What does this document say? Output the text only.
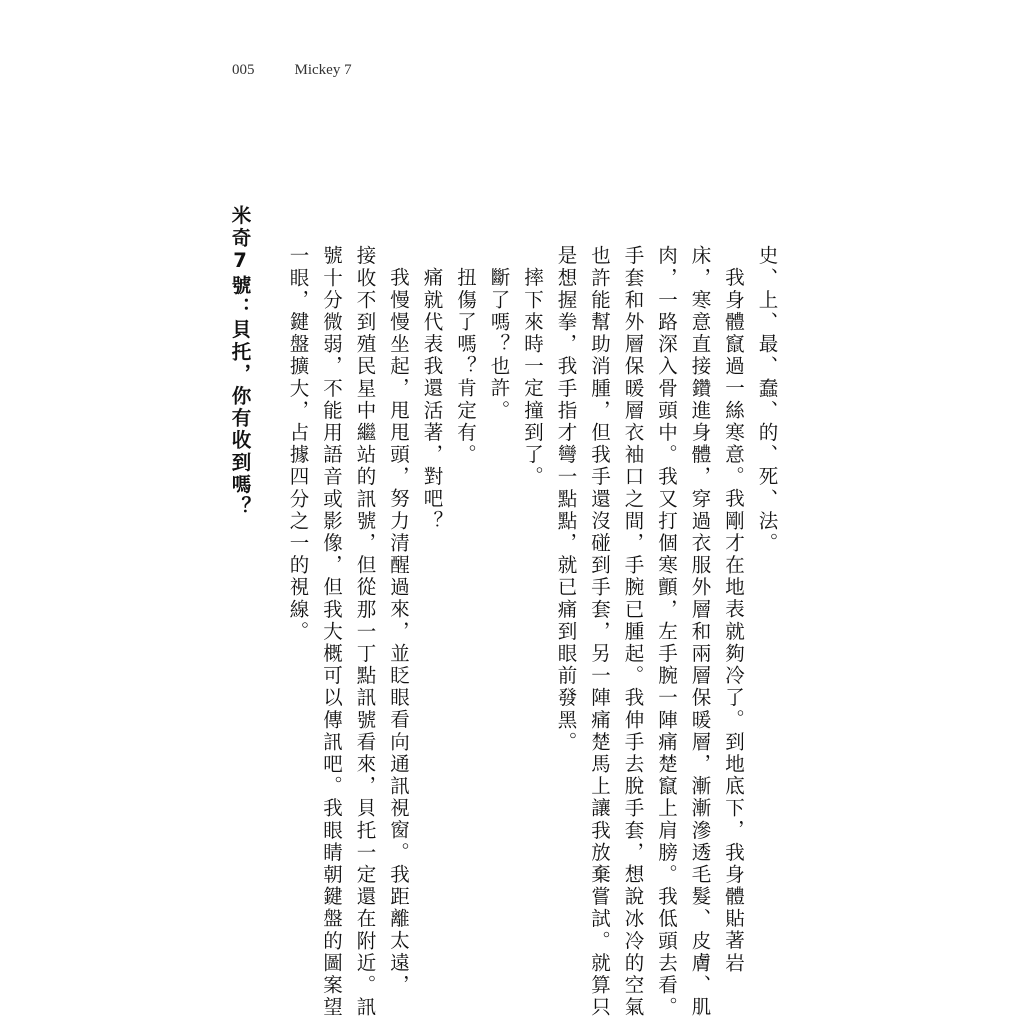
005	Mickey 7
史、上、最、蠢、的、死、法。
我身體竄過一絲寒意。我剛才在地表就夠冷了。到地底下，我身體貼著岩
床，寒意直接鑽進身體，穿過衣服外層和兩層保暖層，漸漸滲透毛髮、皮膚、肌
肉，一路深入骨頭中。我又打個寒顫，左手腕一陣痛楚竄上肩膀。我低頭去看。
手套和外層保暖層衣袖口之間，手腕已腫起。我伸手去脫手套，想說冰冷的空氣
也許能幫助消腫，但我手還沒碰到手套，另一陣痛楚馬上讓我放棄嘗試。就算只
是想握拳，我手指才彎一點點，就已痛到眼前發黑。
摔下來時一定撞到了。
斷了嗎？也許。
扭傷了嗎？肯定有。
痛就代表我還活著，對吧？
我慢慢坐起，甩甩頭，努力清醒過來，並眨眼看向通訊視窗。我距離太遠，
接收不到殖民星中繼站的訊號，但從那一丁點訊號看來，貝托一定還在附近。訊
號十分微弱，不能用語音或影像，但我大概可以傳訊吧。我眼睛朝鍵盤的圖案望
一眼，鍵盤擴大，占據四分之一的視線。
米奇7號：貝托，你有收到嗎？
